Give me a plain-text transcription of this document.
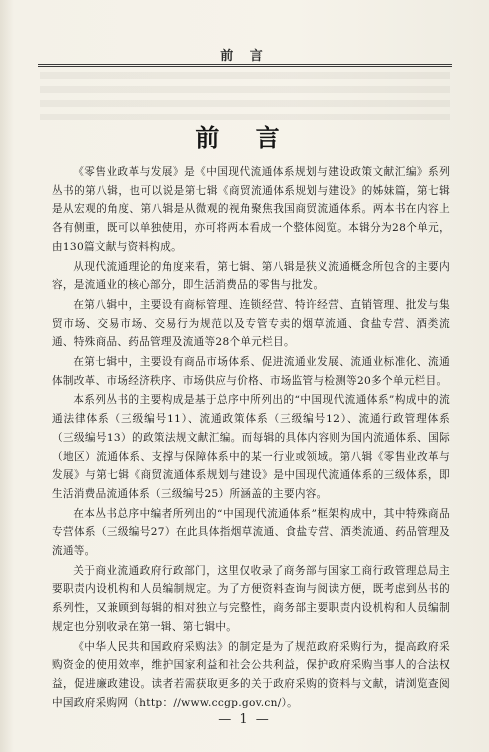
前 言
前 言

《零售业政革与发展》是《中国现代流通体系规划与建设政策文献汇编》系列丛书的第八辑，也可以说是第七辑《商贸流通体系规划与建设》的姊妹篇，第七辑是从宏观的角度、第八辑是从微观的视角聚焦我国商贸流通体系。两本书在内容上各有侧重，既可以单独使用，亦可将两本看成一个整体阅览。本辑分为28个单元，由130篇文献与资料构成。

从现代流通理论的角度来看，第七辑、第八辑是狭义流通概念所包含的主要内容，是流通业的核心部分，即生活消费品的零售与批发。

在第八辑中，主要设有商标管理、连锁经营、特许经营、直销管理、批发与集贸市场、交易市场、交易行为规范以及专管专卖的烟草流通、食盐专营、酒类流通、特殊商品、药品管理及流通等28个单元栏目。

在第七辑中，主要设有商品市场体系、促进流通业发展、流通业标准化、流通体制改革、市场经济秩序、市场供应与价格、市场监管与检测等20多个单元栏目。

本系列丛书的主要构成是基于总序中所列出的“中国现代流通体系”构成中的流通法律体系（三级编号11）、流通政策体系（三级编号12）、流通行政管理体系（三级编号13）的政策法规文献汇编。而每辑的具体内容则为国内流通体系、国际（地区）流通体系、支撑与保障体系中的某一行业或领域。第八辑《零售业改革与发展》与第七辑《商贸流通体系规划与建设》是中国现代流通体系的三级体系，即生活消费品流通体系（三级编号25）所涵盖的主要内容。

在本丛书总序中编者所列出的“中国现代流通体系”框架构成中，其中特殊商品专营体系（三级编号27）在此具体指烟草流通、食盐专营、酒类流通、药品管理及流通等。

关于商业流通政府行政部门，这里仅收录了商务部与国家工商行政管理总局主要职责内设机构和人员编制规定。为了方便资料查询与阅读方便，既考虑到丛书的系列性，又兼顾到每辑的相对独立与完整性，商务部主要职责内设机构和人员编制规定也分别收录在第一辑、第七辑中。

《中华人民共和国政府采购法》的制定是为了规范政府采购行为，提高政府采购资金的使用效率，维护国家利益和社会公共利益，保护政府采购当事人的合法权益，促进廉政建设。读者若需获取更多的关于政府采购的资料与文献，请浏览查阅中国政府采购网（http：//www.ccgp.gov.cn/）。

— 1 —
